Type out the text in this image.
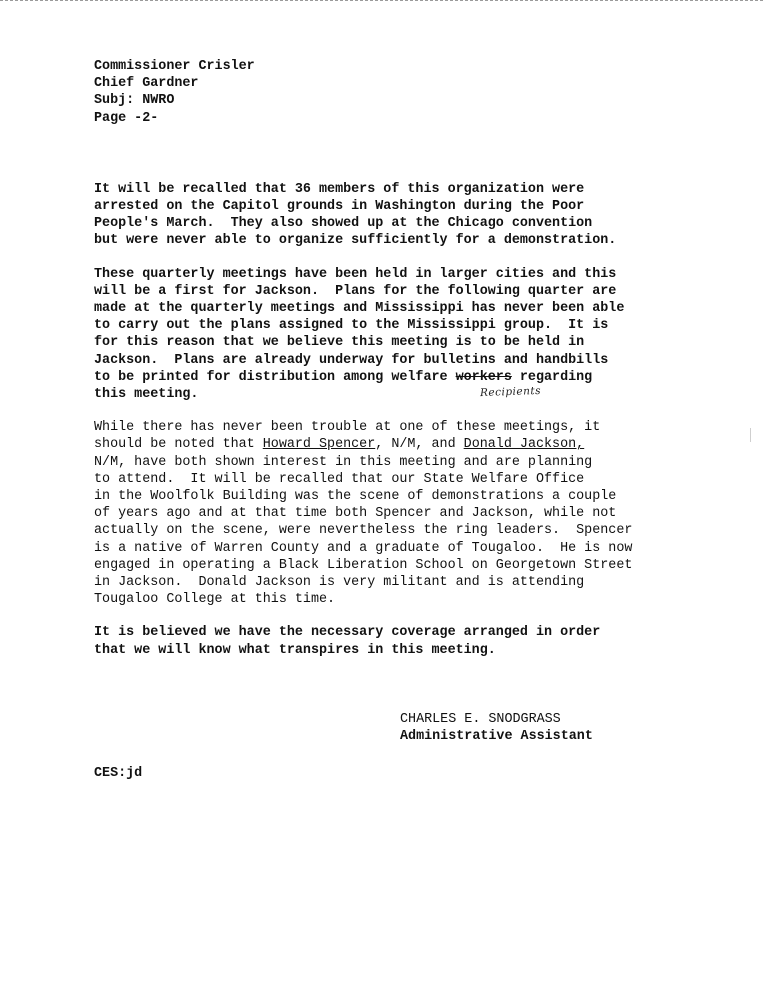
Commissioner Crisler
Chief Gardner
Subj: NWRO
Page -2-
It will be recalled that 36 members of this organization were
arrested on the Capitol grounds in Washington during the Poor
People's March.  They also showed up at the Chicago convention
but were never able to organize sufficiently for a demonstration.
These quarterly meetings have been held in larger cities and this
will be a first for Jackson.  Plans for the following quarter are
made at the quarterly meetings and Mississippi has never been able
to carry out the plans assigned to the Mississippi group.  It is
for this reason that we believe this meeting is to be held in
Jackson.  Plans are already underway for bulletins and handbills
to be printed for distribution among welfare workers regarding
this meeting.
While there has never been trouble at one of these meetings, it
should be noted that Howard Spencer, N/M, and Donald Jackson,
N/M, have both shown interest in this meeting and are planning
to attend.  It will be recalled that our State Welfare Office
in the Woolfolk Building was the scene of demonstrations a couple
of years ago and at that time both Spencer and Jackson, while not
actually on the scene, were nevertheless the ring leaders.  Spencer
is a native of Warren County and a graduate of Tougaloo.  He is now
engaged in operating a Black Liberation School on Georgetown Street
in Jackson.  Donald Jackson is very militant and is attending
Tougaloo College at this time.
It is believed we have the necessary coverage arranged in order
that we will know what transpires in this meeting.
Recipients
CHARLES E. SNODGRASS
Administrative Assistant
CES:jd
